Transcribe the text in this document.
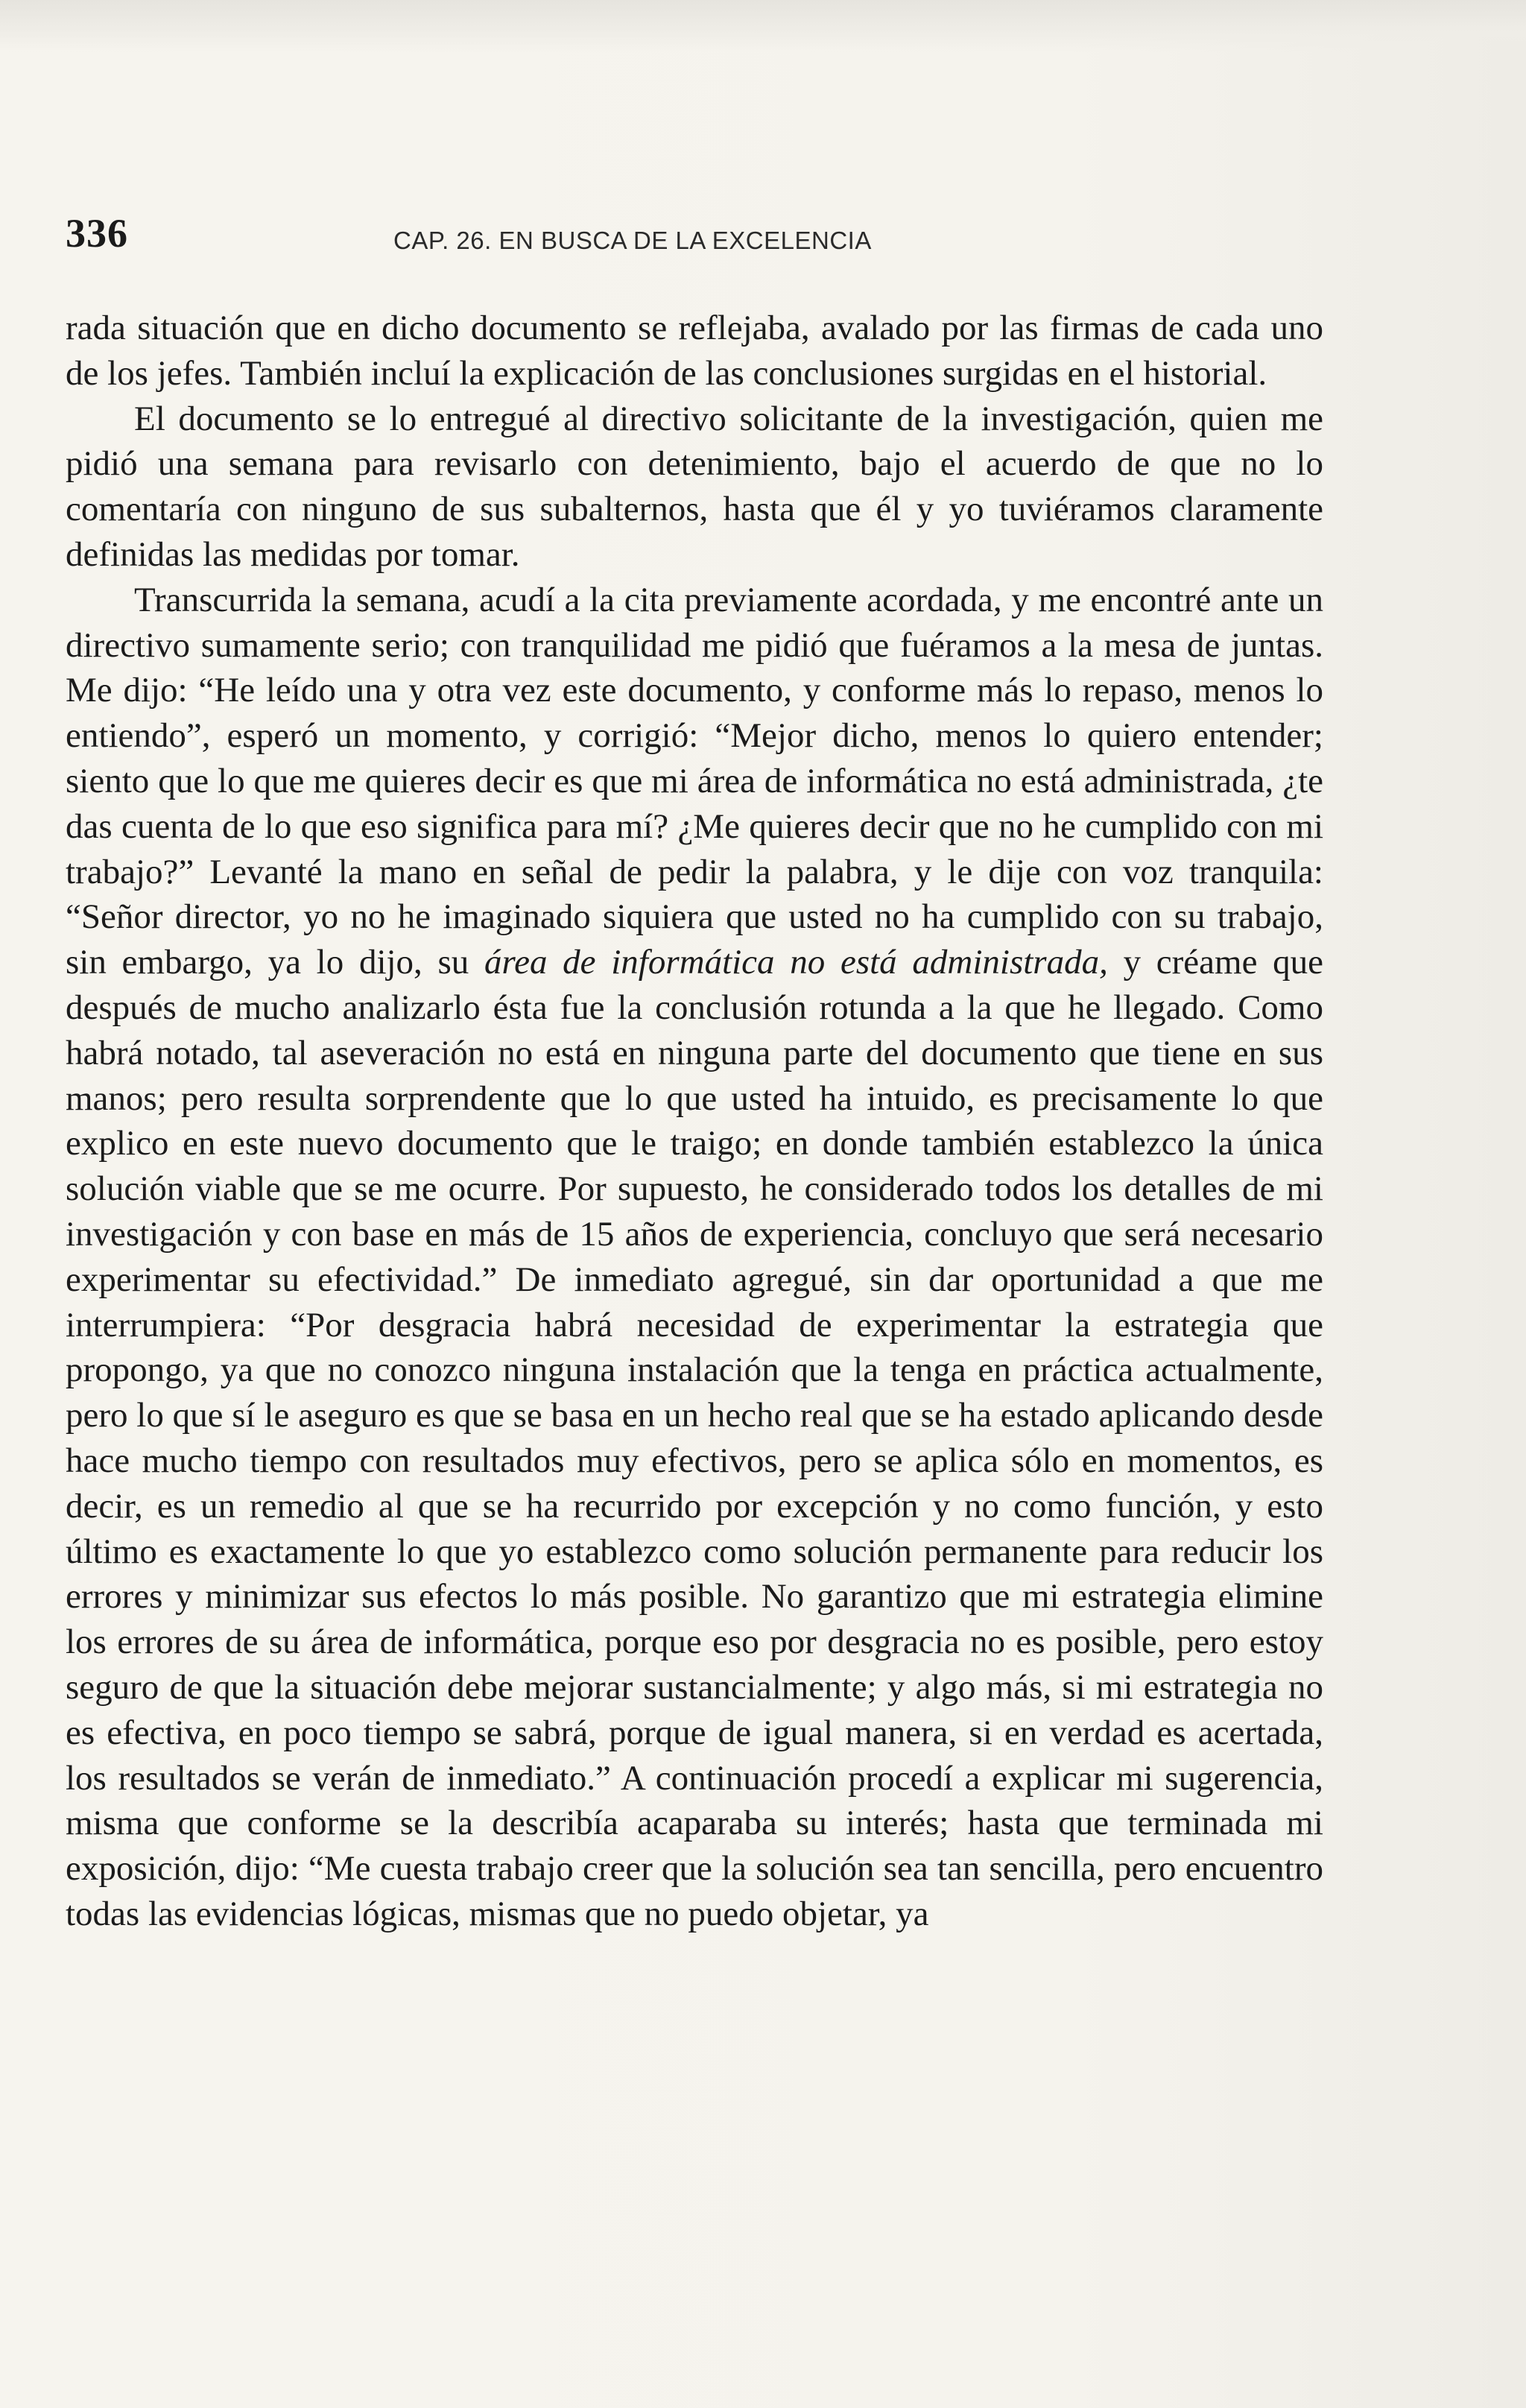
336	CAP. 26. EN BUSCA DE LA EXCELENCIA

rada situación que en dicho documento se reflejaba, avalado por las firmas de cada uno de los jefes. También incluí la explicación de las conclusiones surgidas en el historial.

El documento se lo entregué al directivo solicitante de la investigación, quien me pidió una semana para revisarlo con detenimiento, bajo el acuerdo de que no lo comentaría con ninguno de sus subalternos, hasta que él y yo tuviéramos claramente definidas las medidas por tomar.

Transcurrida la semana, acudí a la cita previamente acordada, y me encontré ante un directivo sumamente serio; con tranquilidad me pidió que fuéramos a la mesa de juntas. Me dijo: “He leído una y otra vez este documento, y conforme más lo repaso, menos lo entiendo”, esperó un momento, y corrigió: “Mejor dicho, menos lo quiero entender; siento que lo que me quieres decir es que mi área de informática no está administrada, ¿te das cuenta de lo que eso significa para mí? ¿Me quieres decir que no he cumplido con mi trabajo?” Levanté la mano en señal de pedir la palabra, y le dije con voz tranquila: “Señor director, yo no he imaginado siquiera que usted no ha cumplido con su trabajo, sin embargo, ya lo dijo, su área de informática no está administrada, y créame que después de mucho analizarlo ésta fue la conclusión rotunda a la que he llegado. Como habrá notado, tal aseveración no está en ninguna parte del documento que tiene en sus manos; pero resulta sorprendente que lo que usted ha intuido, es precisamente lo que explico en este nuevo documento que le traigo; en donde también establezco la única solución viable que se me ocurre. Por supuesto, he considerado todos los detalles de mi investigación y con base en más de 15 años de experiencia, concluyo que será necesario experimentar su efectividad.” De inmediato agregué, sin dar oportunidad a que me interrumpiera: “Por desgracia habrá necesidad de experimentar la estrategia que propongo, ya que no conozco ninguna instalación que la tenga en práctica actualmente, pero lo que sí le aseguro es que se basa en un hecho real que se ha estado aplicando desde hace mucho tiempo con resultados muy efectivos, pero se aplica sólo en momentos, es decir, es un remedio al que se ha recurrido por excepción y no como función, y esto último es exactamente lo que yo establezco como solución permanente para reducir los errores y minimizar sus efectos lo más posible. No garantizo que mi estrategia elimine los errores de su área de informática, porque eso por desgracia no es posible, pero estoy seguro de que la situación debe mejorar sustancialmente; y algo más, si mi estrategia no es efectiva, en poco tiempo se sabrá, porque de igual manera, si en verdad es acertada, los resultados se verán de inmediato.” A continuación procedí a explicar mi sugerencia, misma que conforme se la describía acaparaba su interés; hasta que terminada mi exposición, dijo: “Me cuesta trabajo creer que la solución sea tan sencilla, pero encuentro todas las evidencias lógicas, mismas que no puedo objetar, ya
